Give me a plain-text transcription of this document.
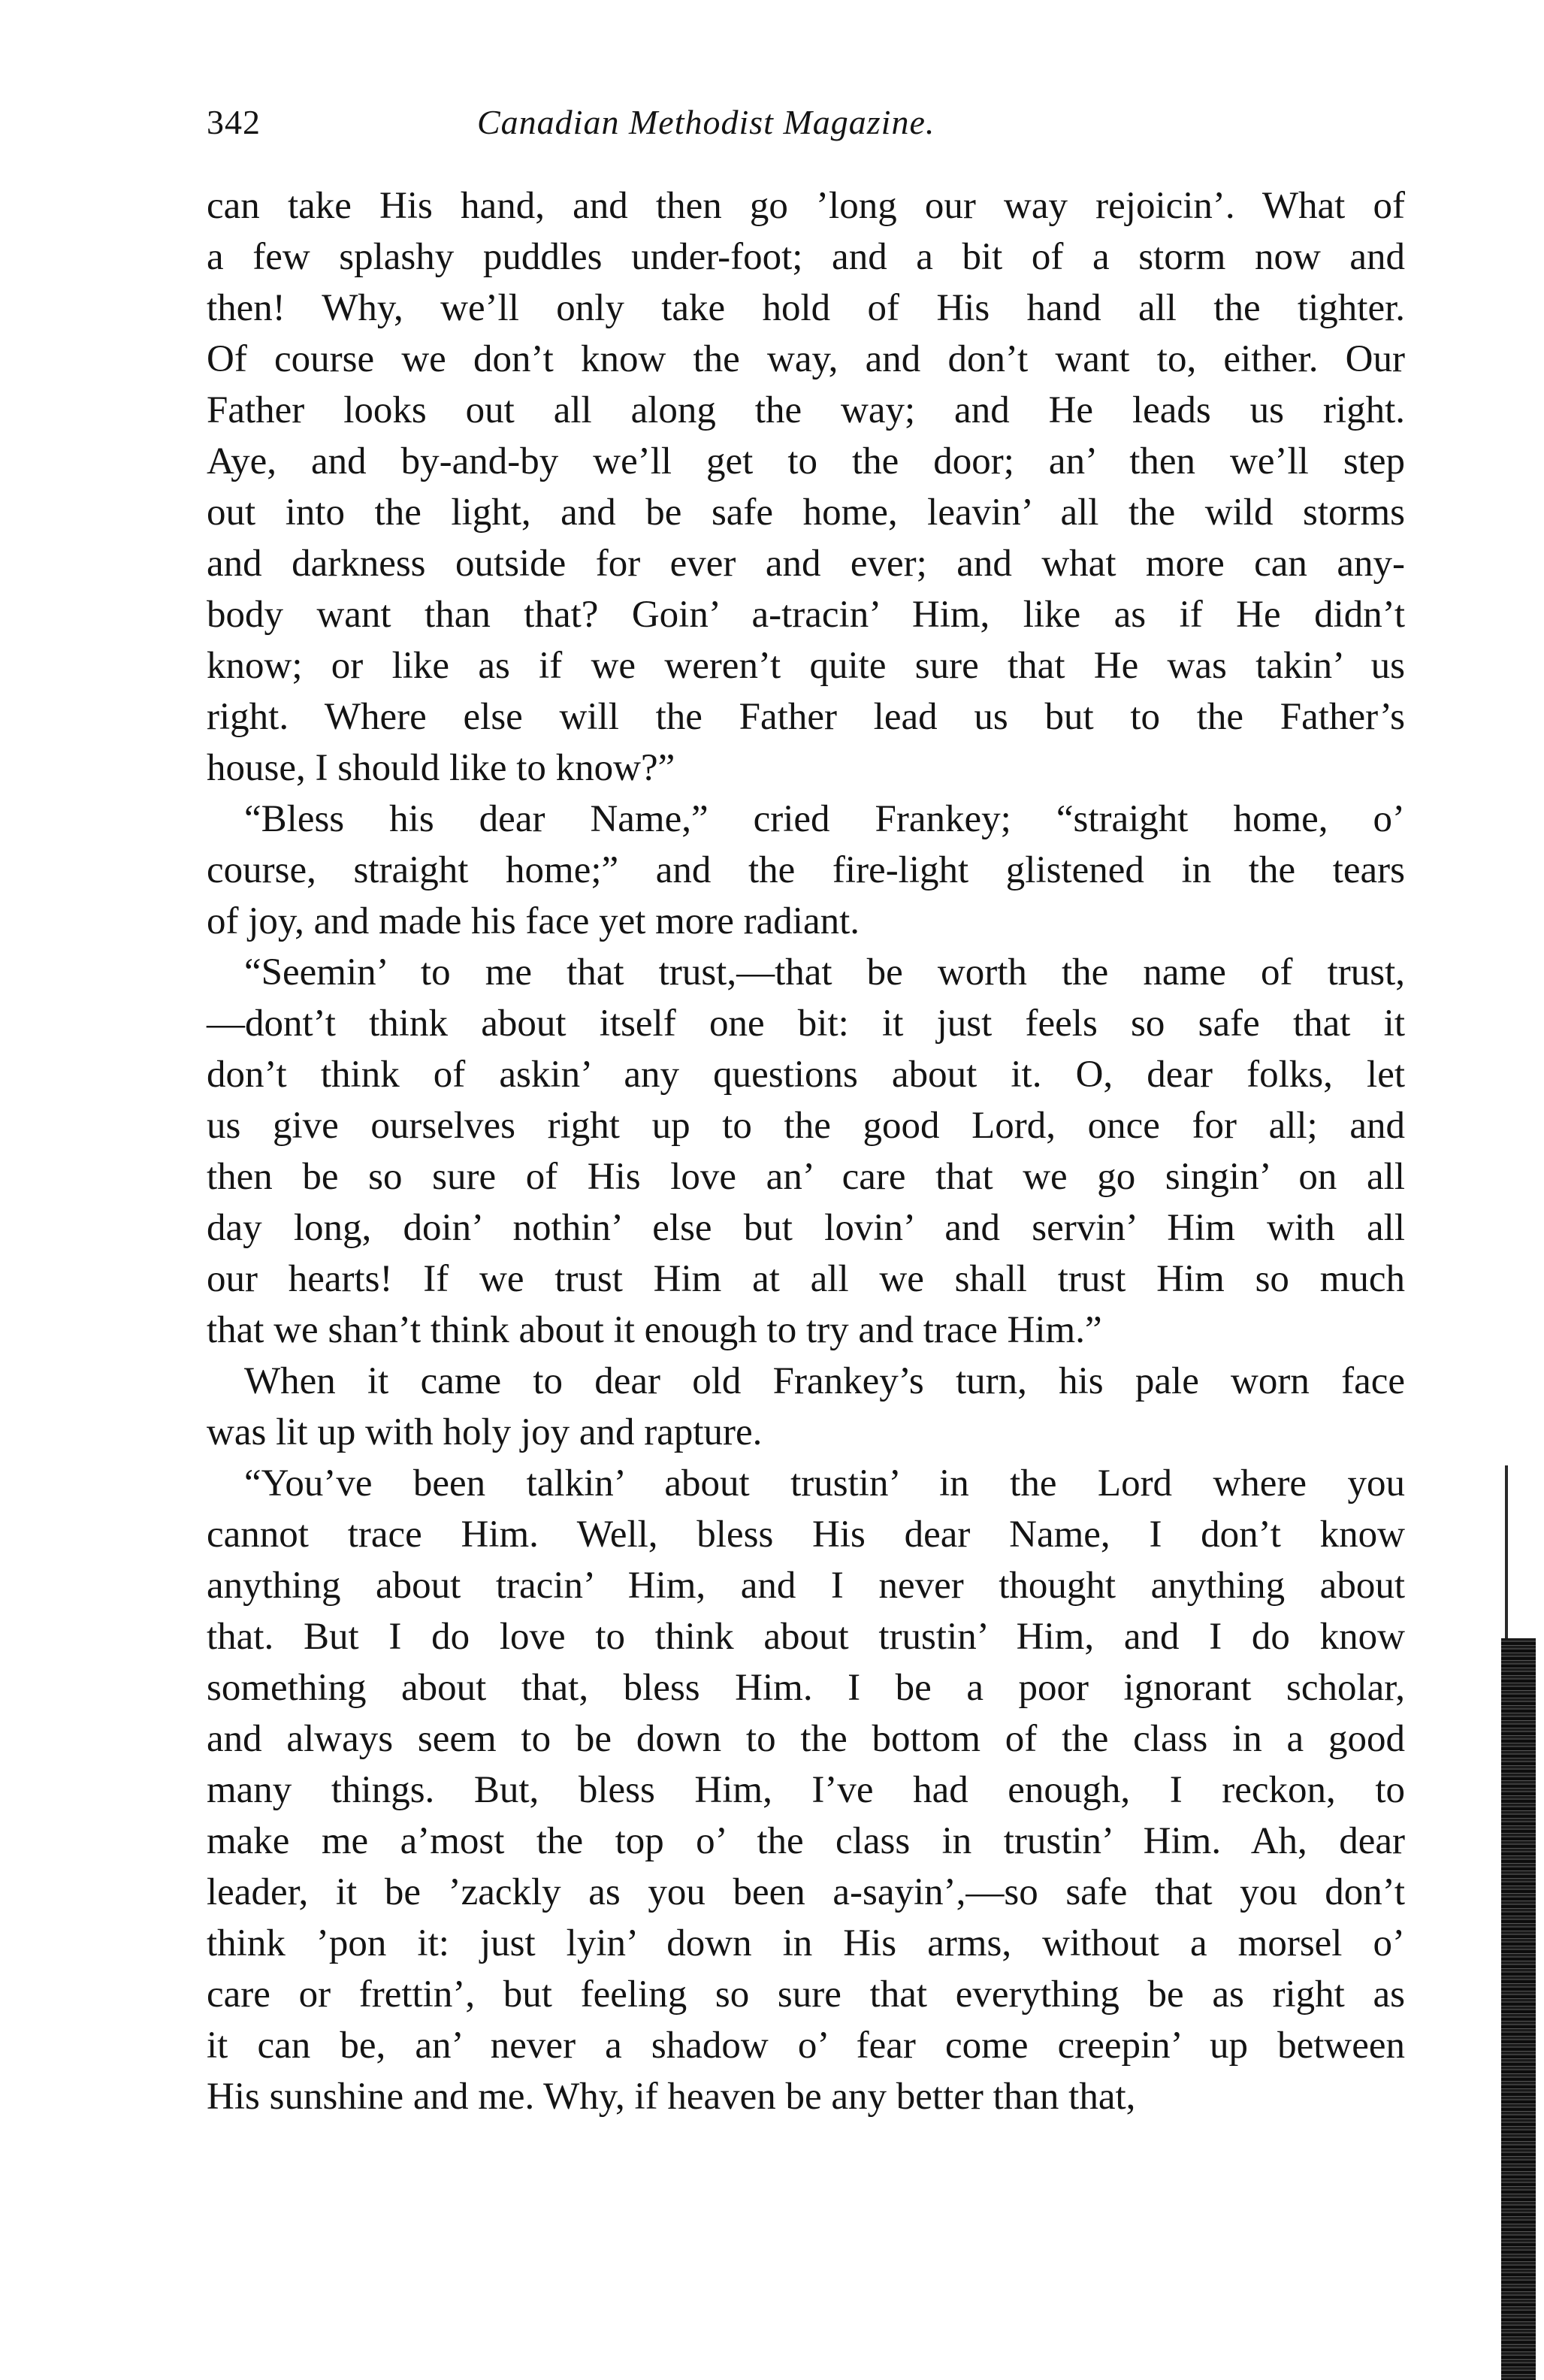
342	Canadian Methodist Magazine.

can take His hand, and then go ’long our way rejoicin’. What of
a few splashy puddles under-foot; and a bit of a storm now and
then! Why, we’ll only take hold of His hand all the tighter.
Of course we don’t know the way, and don’t want to, either. Our
Father looks out all along the way; and He leads us right.
Aye, and by-and-by we’ll get to the door; an’ then we’ll step
out into the light, and be safe home, leavin’ all the wild storms
and darkness outside for ever and ever; and what more can any-
body want than that? Goin’ a-tracin’ Him, like as if He didn’t
know; or like as if we weren’t quite sure that He was takin’ us
right. Where else will the Father lead us but to the Father’s
house, I should like to know?”

“Bless his dear Name,” cried Frankey; “straight home, o’
course, straight home;” and the fire-light glistened in the tears
of joy, and made his face yet more radiant.

“Seemin’ to me that trust,—that be worth the name of trust,
—dont’t think about itself one bit: it just feels so safe that it
don’t think of askin’ any questions about it. O, dear folks, let
us give ourselves right up to the good Lord, once for all; and
then be so sure of His love an’ care that we go singin’ on all
day long, doin’ nothin’ else but lovin’ and servin’ Him with all
our hearts! If we trust Him at all we shall trust Him so much
that we shan’t think about it enough to try and trace Him.”

When it came to dear old Frankey’s turn, his pale worn face
was lit up with holy joy and rapture.

“You’ve been talkin’ about trustin’ in the Lord where you
cannot trace Him. Well, bless His dear Name, I don’t know
anything about tracin’ Him, and I never thought anything about
that. But I do love to think about trustin’ Him, and I do know
something about that, bless Him. I be a poor ignorant scholar,
and always seem to be down to the bottom of the class in a good
many things. But, bless Him, I’ve had enough, I reckon, to
make me a’most the top o’ the class in trustin’ Him. Ah, dear
leader, it be ’zackly as you been a-sayin’,—so safe that you don’t
think ’pon it: just lyin’ down in His arms, without a morsel o’
care or frettin’, but feeling so sure that everything be as right as
it can be, an’ never a shadow o’ fear come creepin’ up between
His sunshine and me. Why, if heaven be any better than that,
